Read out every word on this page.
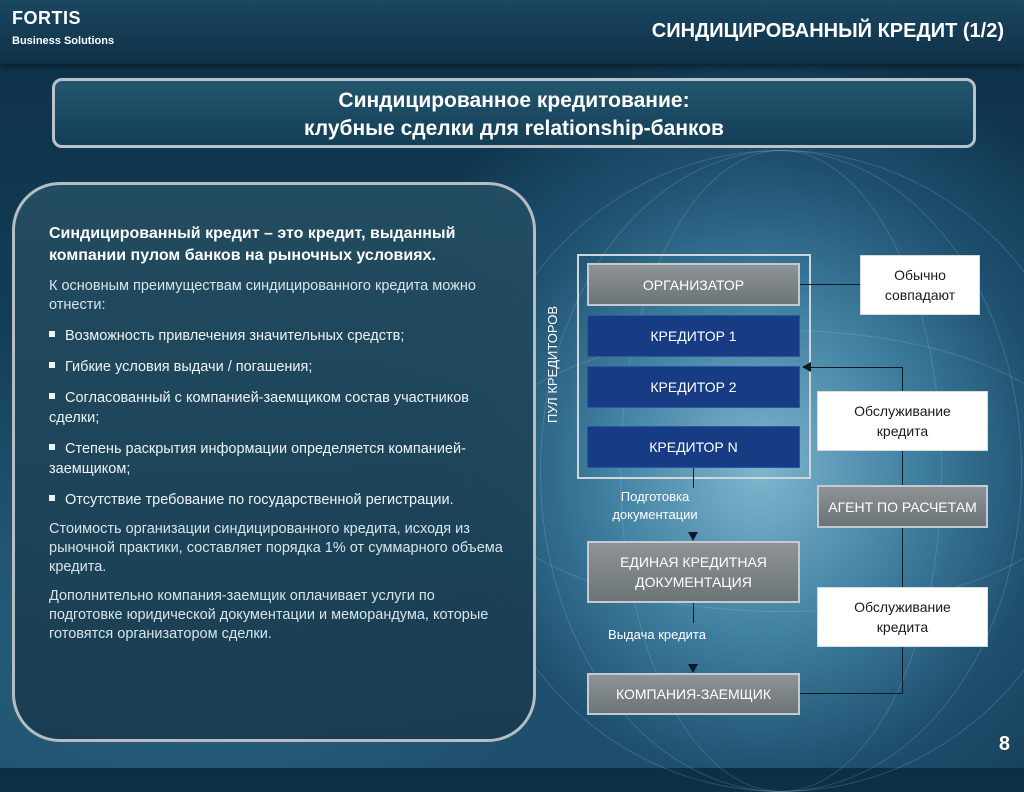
FORTIS
Business Solutions	СИНДИЦИРОВАННЫЙ КРЕДИТ (1/2)
Синдицированное кредитование:
клубные сделки для relationship-банков
Синдицированный кредит – это кредит, выданный компании пулом банков на рыночных условиях.
К основным преимуществам синдицированного кредита можно отнести:
Возможность привлечения значительных средств;
Гибкие условия выдачи / погашения;
Согласованный с компанией-заемщиком состав участников сделки;
Степень раскрытия информации определяется компанией-заемщиком;
Отсутствие требование по государственной регистрации.
Стоимость организации синдицированного кредита, исходя из рыночной практики, составляет порядка 1% от суммарного объема кредита.
Дополнительно компания-заемщик оплачивает услуги по подготовке юридической документации и меморандума, которые готовятся организатором сделки.
ПУЛ КРЕДИТОРОВ
ОРГАНИЗАТОР
КРЕДИТОР 1
КРЕДИТОР 2
КРЕДИТОР N
Подготовка документации
ЕДИНАЯ КРЕДИТНАЯ ДОКУМЕНТАЦИЯ
Выдача кредита
КОМПАНИЯ-ЗАЕМЩИК
Обычно совпадают
Обслуживание кредита
АГЕНТ ПО РАСЧЕТАМ
Обслуживание кредита
8
